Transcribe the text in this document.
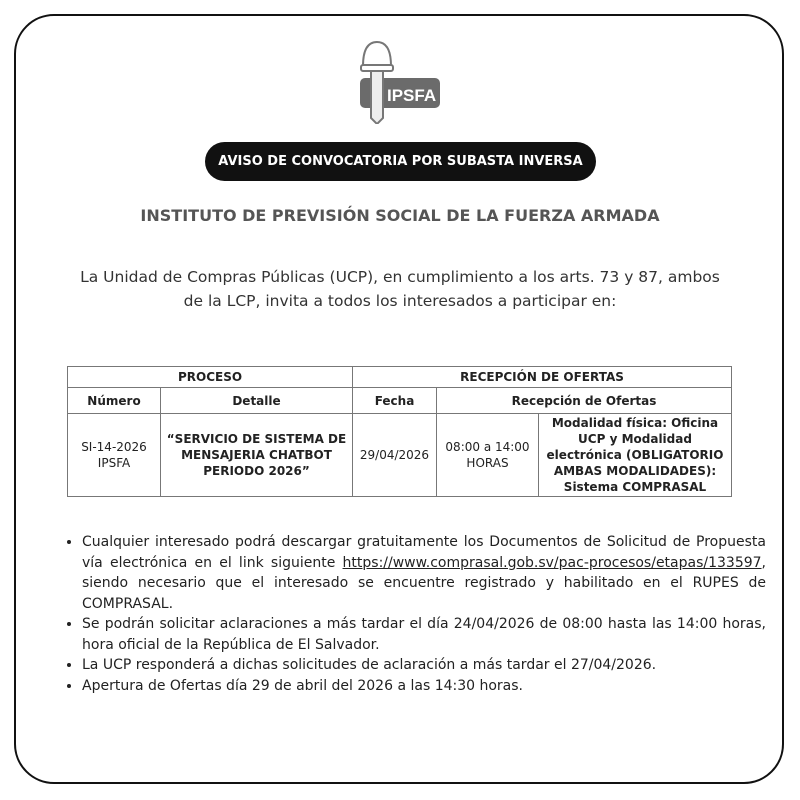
IPSFA
AVISO DE CONVOCATORIA POR SUBASTA INVERSA
INSTITUTO DE PREVISIÓN SOCIAL DE LA FUERZA ARMADA
La Unidad de Compras Públicas (UCP), en cumplimiento a los arts. 73 y 87, ambos de la LCP, invita a todos los interesados a participar en:
PROCESO		RECEPCIÓN DE OFERTAS		
Número	Detalle	Fecha	Recepción de Ofertas	
SI-14-2026 IPSFA	“SERVICIO DE SISTEMA DE MENSAJERIA CHATBOT PERIODO 2026”	29/04/2026	08:00 a 14:00 HORAS	Modalidad física: Oficina UCP y Modalidad electrónica (OBLIGATORIO AMBAS MODALIDADES): Sistema COMPRASAL
• Cualquier interesado podrá descargar gratuitamente los Documentos de Solicitud de Propuesta vía electrónica en el link siguiente https://www.comprasal.gob.sv/pac-procesos/etapas/133597, siendo necesario que el interesado se encuentre registrado y habilitado en el RUPES de COMPRASAL.
• Se podrán solicitar aclaraciones a más tardar el día 24/04/2026 de 08:00 hasta las 14:00 horas, hora oficial de la República de El Salvador.
• La UCP responderá a dichas solicitudes de aclaración a más tardar el 27/04/2026.
• Apertura de Ofertas día 29 de abril del 2026 a las 14:30 horas.
